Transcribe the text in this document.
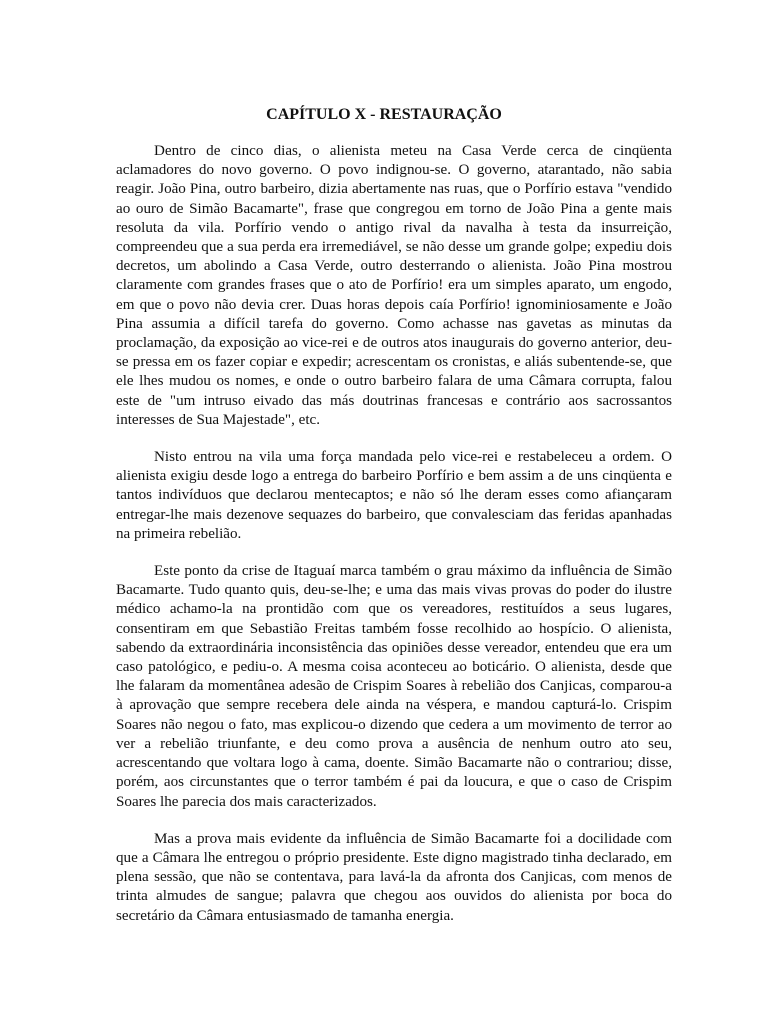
CAPÍTULO X - RESTAURAÇÃO

Dentro de cinco dias, o alienista meteu na Casa Verde cerca de cinqüenta aclamadores do novo governo. O povo indignou-se. O governo, atarantado, não sabia reagir. João Pina, outro barbeiro, dizia abertamente nas ruas, que o Porfírio estava "vendido ao ouro de Simão Bacamarte", frase que congregou em torno de João Pina a gente mais resoluta da vila. Porfírio vendo o antigo rival da navalha à testa da insurreição, compreendeu que a sua perda era irremediável, se não desse um grande golpe; expediu dois decretos, um abolindo a Casa Verde, outro desterrando o alienista. João Pina mostrou claramente com grandes frases que o ato de Porfírio! era um simples aparato, um engodo, em que o povo não devia crer. Duas horas depois caía Porfírio! ignominiosamente e João Pina assumia a difícil tarefa do governo. Como achasse nas gavetas as minutas da proclamação, da exposição ao vice-rei e de outros atos inaugurais do governo anterior, deu-se pressa em os fazer copiar e expedir; acrescentam os cronistas, e aliás subentende-se, que ele lhes mudou os nomes, e onde o outro barbeiro falara de uma Câmara corrupta, falou este de "um intruso eivado das más doutrinas francesas e contrário aos sacrossantos interesses de Sua Majestade", etc.

Nisto entrou na vila uma força mandada pelo vice-rei e restabeleceu a ordem. O alienista exigiu desde logo a entrega do barbeiro Porfírio e bem assim a de uns cinqüenta e tantos indivíduos que declarou mentecaptos; e não só lhe deram esses como afiançaram entregar-lhe mais dezenove sequazes do barbeiro, que convalesciam das feridas apanhadas na primeira rebelião.

Este ponto da crise de Itaguaí marca também o grau máximo da influência de Simão Bacamarte. Tudo quanto quis, deu-se-lhe; e uma das mais vivas provas do poder do ilustre médico achamo-la na prontidão com que os vereadores, restituídos a seus lugares, consentiram em que Sebastião Freitas também fosse recolhido ao hospício. O alienista, sabendo da extraordinária inconsistência das opiniões desse vereador, entendeu que era um caso patológico, e pediu-o. A mesma coisa aconteceu ao boticário. O alienista, desde que lhe falaram da momentânea adesão de Crispim Soares à rebelião dos Canjicas, comparou-a à aprovação que sempre recebera dele ainda na véspera, e mandou capturá-lo. Crispim Soares não negou o fato, mas explicou-o dizendo que cedera a um movimento de terror ao ver a rebelião triunfante, e deu como prova a ausência de nenhum outro ato seu, acrescentando que voltara logo à cama, doente. Simão Bacamarte não o contrariou; disse, porém, aos circunstantes que o terror também é pai da loucura, e que o caso de Crispim Soares lhe parecia dos mais caracterizados.

Mas a prova mais evidente da influência de Simão Bacamarte foi a docilidade com que a Câmara lhe entregou o próprio presidente. Este digno magistrado tinha declarado, em plena sessão, que não se contentava, para lavá-la da afronta dos Canjicas, com menos de trinta almudes de sangue; palavra que chegou aos ouvidos do alienista por boca do secretário da Câmara entusiasmado de tamanha energia.
